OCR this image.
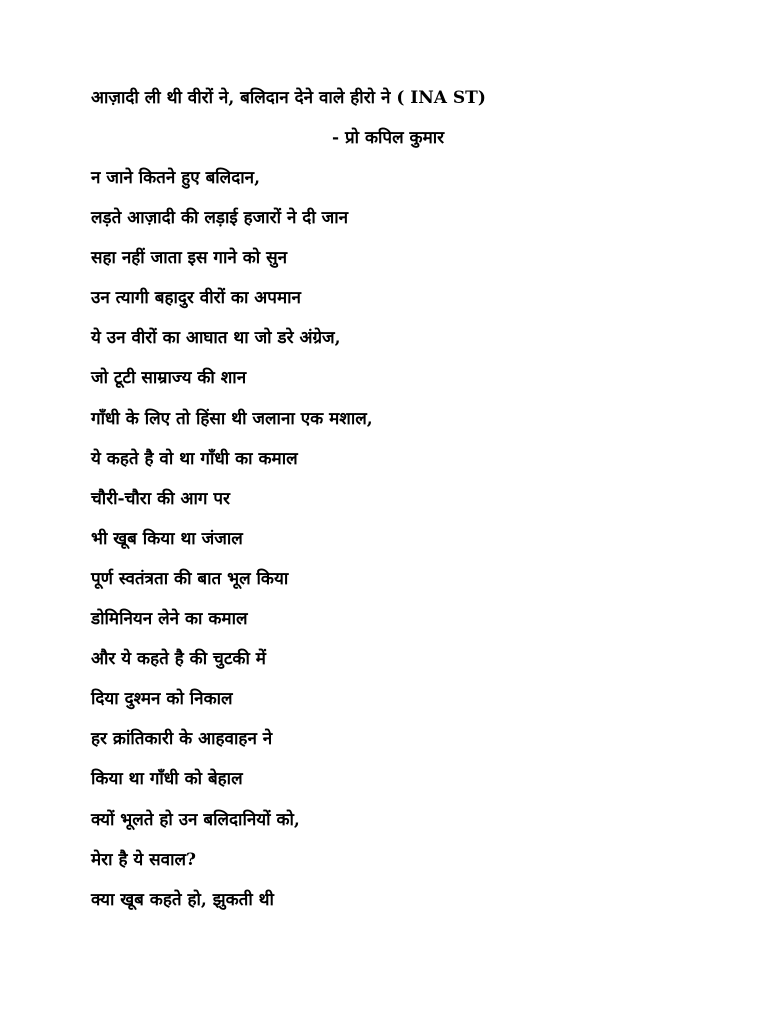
आज़ादी ली थी वीरों ने, बलिदान देने वाले हीरो ने ( INA ST)
- प्रो कपिल कुमार
न जाने कितने हुए बलिदान,
लड़ते आज़ादी की लड़ाई हजारों ने दी जान
सहा नहीं जाता इस गाने को सुन
उन त्यागी बहादुर वीरों का अपमान
ये उन वीरों का आघात था जो डरे अंग्रेज,
जो टूटी साम्राज्य की शान
गाँधी के लिए तो हिंसा थी जलाना एक मशाल,
ये कहते है वो था गाँधी का कमाल
चौरी-चौरा की आग पर
भी खूब किया था जंजाल
पूर्ण स्वतंत्रता की बात भूल किया
डोमिनियन लेने का कमाल
और ये कहते है की चुटकी में
दिया दुश्मन को निकाल
हर क्रांतिकारी के आहवाहन ने
किया था गाँधी को बेहाल
क्यों भूलते हो उन बलिदानियों को,
मेरा है ये सवाल?
क्या खूब कहते हो, झुकती थी
